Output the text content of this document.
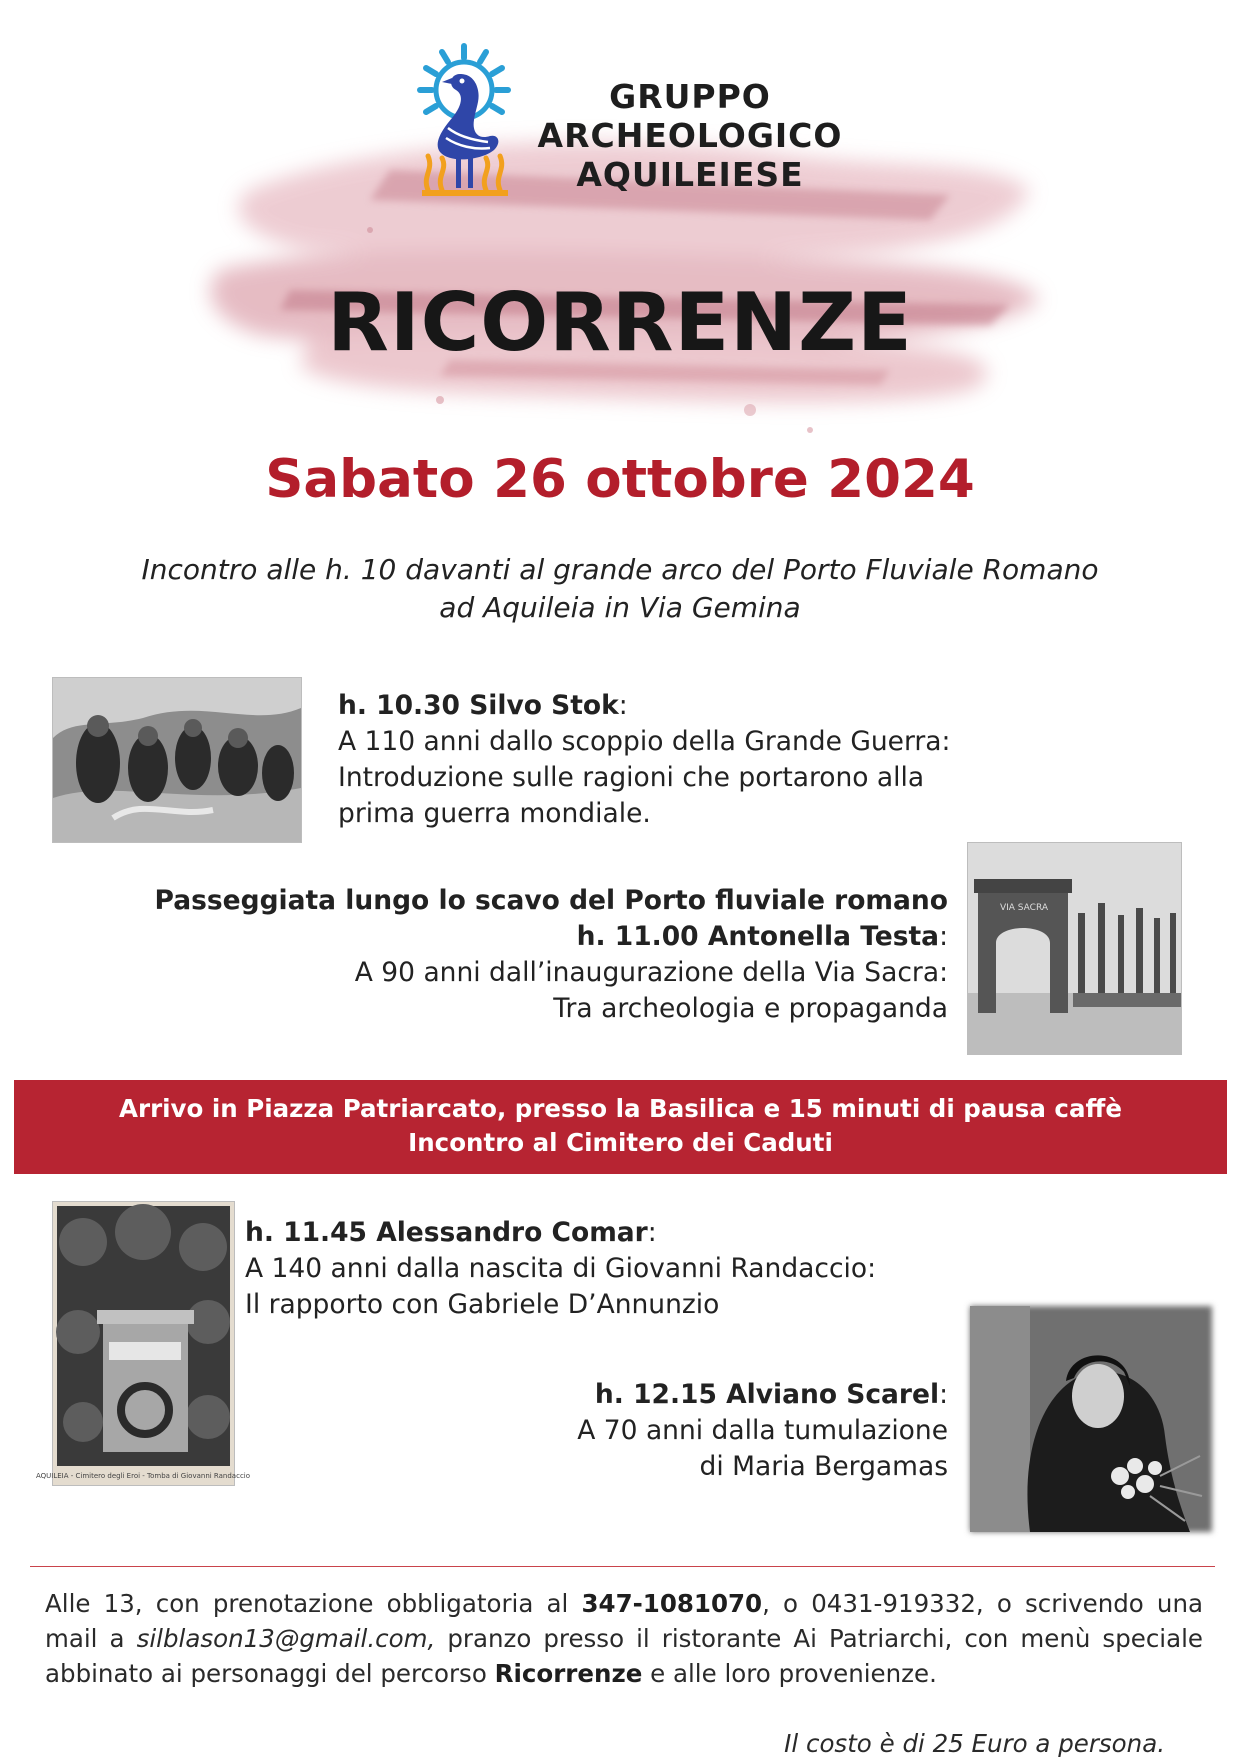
GRUPPO
ARCHEOLOGICO
AQUILEIESE
RICORRENZE
Sabato 26 ottobre 2024
Incontro alle h. 10 davanti al grande arco del Porto Fluviale Romano
ad Aquileia in Via Gemina
h. 10.30 Silvo Stok:
A 110 anni dallo scoppio della Grande Guerra:
Introduzione sulle ragioni che portarono alla
prima guerra mondiale.
VIA SACRA
Passeggiata lungo lo scavo del Porto fluviale romano
h. 11.00 Antonella Testa:
A 90 anni dall’inaugurazione della Via Sacra:
Tra archeologia e propaganda
Arrivo in Piazza Patriarcato, presso la Basilica e 15 minuti di pausa caffè
Incontro al Cimitero dei Caduti
AQUILEIA - Cimitero degli Eroi - Tomba di Giovanni Randaccio
h. 11.45 Alessandro Comar:
A 140 anni dalla nascita di Giovanni Randaccio:
Il rapporto con Gabriele D’Annunzio
h. 12.15 Alviano Scarel:
A 70 anni dalla tumulazione
di Maria Bergamas
Alle 13, con prenotazione obbligatoria al 347-1081070, o 0431-919332, o scrivendo una mail a silblason13@gmail.com, pranzo presso il ristorante Ai Patriarchi, con menù speciale abbinato ai personaggi del percorso Ricorrenze e alle loro provenienze.
Il costo è di 25 Euro a persona.
